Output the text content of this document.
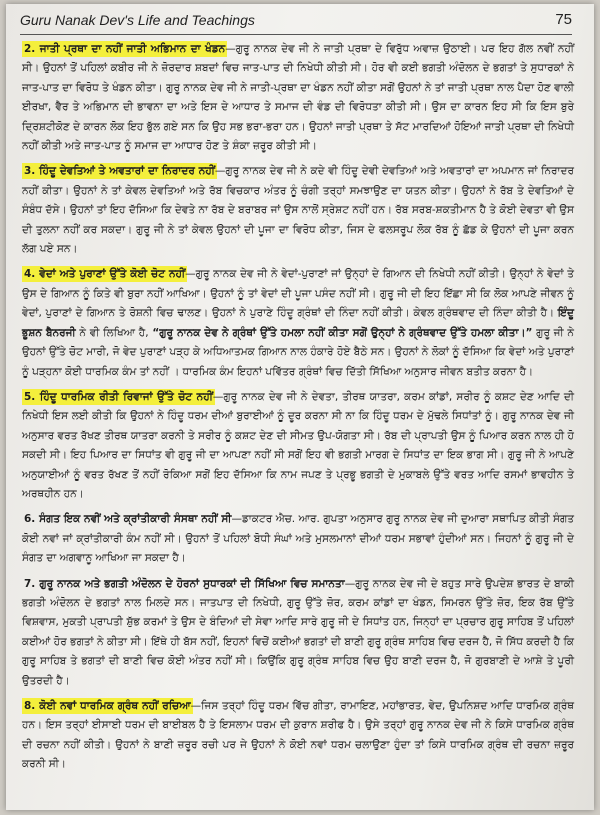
Guru Nanak Dev's Life and Teachings	75

2. ਜਾਤੀ ਪ੍ਰਥਾ ਦਾ ਨਹੀਂ ਜਾਤੀ ਅਭਿਮਾਨ ਦਾ ਖੰਡਨ—ਗੁਰੂ ਨਾਨਕ ਦੇਵ ਜੀ ਨੇ ਜਾਤੀ ਪ੍ਰਥਾ ਦੇ ਵਿਰੁੱਧ ਅਵਾਜ਼ ਉਠਾਈ। ਪਰ ਇਹ ਗੱਲ ਨਵੀਂ ਨਹੀਂ ਸੀ। ਉਹਨਾਂ ਤੋਂ ਪਹਿਲਾਂ ਕਬੀਰ ਜੀ ਨੇ ਜ਼ੋਰਦਾਰ ਸ਼ਬਦਾਂ ਵਿਚ ਜਾਤ-ਪਾਤ ਦੀ ਨਿਖੇਧੀ ਕੀਤੀ ਸੀ। ਹੋਰ ਵੀ ਕਈ ਭਗਤੀ ਅੰਦੋਲਨ ਦੇ ਭਗਤਾਂ ਤੇ ਸੁਧਾਰਕਾਂ ਨੇ ਜਾਤ-ਪਾਤ ਦਾ ਵਿਰੋਧ ਤੇ ਖੰਡਨ ਕੀਤਾ। ਗੁਰੂ ਨਾਨਕ ਦੇਵ ਜੀ ਨੇ ਜਾਤੀ-ਪ੍ਰਥਾ ਦਾ ਖੰਡਨ ਨਹੀਂ ਕੀਤਾ ਸਗੋਂ ਉਹਨਾਂ ਨੇ ਤਾਂ ਜਾਤੀ ਪ੍ਰਥਾ ਨਾਲ ਪੈਦਾ ਹੋਣ ਵਾਲੀ ਈਰਖਾ, ਵੈਰ ਤੇ ਅਭਿਮਾਨ ਦੀ ਭਾਵਨਾ ਦਾ ਅਤੇ ਇਸ ਦੇ ਆਧਾਰ ਤੇ ਸਮਾਜ ਦੀ ਵੰਡ ਦੀ ਵਿਰੋਧਤਾ ਕੀਤੀ ਸੀ। ਉਸ ਦਾ ਕਾਰਨ ਇਹ ਸੀ ਕਿ ਇਸ ਬੁਰੇ ਦ੍ਰਿਸ਼ਟੀਕੋਣ ਦੇ ਕਾਰਨ ਲੋਕ ਇਹ ਭੁੱਲ ਗਏ ਸਨ ਕਿ ਉਹ ਸਭ ਭਰਾ-ਭਰਾ ਹਨ। ਉਹਨਾਂ ਜਾਤੀ ਪ੍ਰਥਾ ਤੇ ਸੱਟ ਮਾਰਦਿਆਂ ਹੋਇਆਂ ਜਾਤੀ ਪ੍ਰਥਾ ਦੀ ਨਿਖੇਧੀ ਨਹੀਂ ਕੀਤੀ ਅਤੇ ਜਾਤ-ਪਾਤ ਨੂੰ ਸਮਾਜ ਦਾ ਆਧਾਰ ਹੋਣ ਤੇ ਸ਼ੰਕਾ ਜ਼ਰੂਰ ਕੀਤੀ ਸੀ।

3. ਹਿੰਦੂ ਦੇਵਤਿਆਂ ਤੇ ਅਵਤਾਰਾਂ ਦਾ ਨਿਰਾਦਰ ਨਹੀਂ—ਗੁਰੂ ਨਾਨਕ ਦੇਵ ਜੀ ਨੇ ਕਦੇ ਵੀ ਹਿੰਦੂ ਦੇਵੀ ਦੇਵਤਿਆਂ ਅਤੇ ਅਵਤਾਰਾਂ ਦਾ ਅਪਮਾਨ ਜਾਂ ਨਿਰਾਦਰ ਨਹੀਂ ਕੀਤਾ। ਉਹਨਾਂ ਨੇ ਤਾਂ ਕੇਵਲ ਦੇਵਤਿਆਂ ਅਤੇ ਰੱਬ ਵਿਚਕਾਰ ਅੰਤਰ ਨੂੰ ਚੰਗੀ ਤਰ੍ਹਾਂ ਸਮਝਾਉਣ ਦਾ ਯਤਨ ਕੀਤਾ। ਉਹਨਾਂ ਨੇ ਰੱਬ ਤੇ ਦੇਵਤਿਆਂ ਦੇ ਸੰਬੰਧ ਦੱਸੇ। ਉਹਨਾਂ ਤਾਂ ਇਹ ਦੱਸਿਆ ਕਿ ਦੇਵਤੇ ਨਾ ਰੱਬ ਦੇ ਬਰਾਬਰ ਜਾਂ ਉਸ ਨਾਲੋਂ ਸ੍ਰੇਸ਼ਟ ਨਹੀਂ ਹਨ। ਰੱਬ ਸਰਬ-ਸ਼ਕਤੀਮਾਨ ਹੈ ਤੇ ਕੋਈ ਦੇਵਤਾ ਵੀ ਉਸ ਦੀ ਤੁਲਨਾ ਨਹੀਂ ਕਰ ਸਕਦਾ। ਗੁਰੂ ਜੀ ਨੇ ਤਾਂ ਕੇਵਲ ਉਹਨਾਂ ਦੀ ਪੂਜਾ ਦਾ ਵਿਰੋਧ ਕੀਤਾ, ਜਿਸ ਦੇ ਫਲਸਰੂਪ ਲੋਕ ਰੱਬ ਨੂੰ ਛੱਡ ਕੇ ਉਹਨਾਂ ਦੀ ਪੂਜਾ ਕਰਨ ਲੱਗ ਪਏ ਸਨ।

4. ਵੇਦਾਂ ਅਤੇ ਪੁਰਾਣਾਂ ਉੱਤੇ ਕੋਈ ਚੋਟ ਨਹੀਂ—ਗੁਰੂ ਨਾਨਕ ਦੇਵ ਜੀ ਨੇ ਵੇਦਾਂ-ਪੁਰਾਣਾਂ ਜਾਂ ਉਨ੍ਹਾਂ ਦੇ ਗਿਆਨ ਦੀ ਨਿਖੇਧੀ ਨਹੀਂ ਕੀਤੀ। ਉਨ੍ਹਾਂ ਨੇ ਵੇਦਾਂ ਤੇ ਉਸ ਦੇ ਗਿਆਨ ਨੂੰ ਕਿਤੇ ਵੀ ਬੁਰਾ ਨਹੀਂ ਆਖਿਆ। ਉਹਨਾਂ ਨੂੰ ਤਾਂ ਵੇਦਾਂ ਦੀ ਪੂਜਾ ਪਸੰਦ ਨਹੀਂ ਸੀ। ਗੁਰੂ ਜੀ ਦੀ ਇਹ ਇੱਛਾ ਸੀ ਕਿ ਲੋਕ ਆਪਣੇ ਜੀਵਨ ਨੂੰ ਵੇਦਾਂ, ਪੁਰਾਣਾਂ ਦੇ ਗਿਆਨ ਤੇ ਰੋਸ਼ਨੀ ਵਿਚ ਢਾਲਣ। ਉਹਨਾਂ ਨੇ ਪੁਰਾਣੇ ਹਿੰਦੂ ਗ੍ਰੰਥਾਂ ਦੀ ਨਿੰਦਾ ਨਹੀਂ ਕੀਤੀ। ਕੇਵਲ ਗ੍ਰੰਥਵਾਦ ਦੀ ਨਿੰਦਾ ਕੀਤੀ ਹੈ। ਇੰਦੂ ਭੂਸ਼ਨ ਬੈਨਰਜੀ ਨੇ ਵੀ ਲਿਖਿਆ ਹੈ, “ਗੁਰੂ ਨਾਨਕ ਦੇਵ ਨੇ ਗ੍ਰੰਥਾਂ ਉੱਤੇ ਹਮਲਾ ਨਹੀਂ ਕੀਤਾ ਸਗੋਂ ਉਨ੍ਹਾਂ ਨੇ ਗ੍ਰੰਥਵਾਦ ਉੱਤੇ ਹਮਲਾ ਕੀਤਾ।” ਗੁਰੂ ਜੀ ਨੇ ਉਹਨਾਂ ਉੱਤੇ ਚੋਟ ਮਾਰੀ, ਜੋ ਵੇਦ ਪੁਰਾਣਾਂ ਪੜ੍ਹ ਕੇ ਅਧਿਆਤਮਕ ਗਿਆਨ ਨਾਲ ਹੰਕਾਰੇ ਹੋਏ ਬੈਠੇ ਸਨ। ਉਹਨਾਂ ਨੇ ਲੋਕਾਂ ਨੂੰ ਦੱਸਿਆ ਕਿ ਵੇਦਾਂ ਅਤੇ ਪੁਰਾਣਾਂ ਨੂੰ ਪੜ੍ਹਨਾ ਕੋਈ ਧਾਰਮਿਕ ਕੰਮ ਤਾਂ ਨਹੀਂ । ਧਾਰਮਿਕ ਕੰਮ ਇਹਨਾਂ ਪਵਿੱਤਰ ਗ੍ਰੰਥਾਂ ਵਿਚ ਦਿੱਤੀ ਸਿੱਖਿਆ ਅਨੁਸਾਰ ਜੀਵਨ ਬਤੀਤ ਕਰਨਾ ਹੈ।

5. ਹਿੰਦੂ ਧਾਰਮਿਕ ਰੀਤੀ ਰਿਵਾਜਾਂ ਉੱਤੇ ਚੋਟ ਨਹੀਂ—ਗੁਰੂ ਨਾਨਕ ਦੇਵ ਜੀ ਨੇ ਦੇਵਤਾ, ਤੀਰਥ ਯਾਤਰਾ, ਕਰਮ ਕਾਂਡਾਂ, ਸਰੀਰ ਨੂੰ ਕਸ਼ਟ ਦੇਣ ਆਦਿ ਦੀ ਨਿਖੇਧੀ ਇਸ ਲਈ ਕੀਤੀ ਕਿ ਉਹਨਾਂ ਨੇ ਹਿੰਦੂ ਧਰਮ ਦੀਆਂ ਬੁਰਾਈਆਂ ਨੂੰ ਦੂਰ ਕਰਨਾ ਸੀ ਨਾ ਕਿ ਹਿੰਦੂ ਧਰਮ ਦੇ ਮੁੱਢਲੇ ਸਿਧਾਂਤਾਂ ਨੂੰ। ਗੁਰੂ ਨਾਨਕ ਦੇਵ ਜੀ ਅਨੁਸਾਰ ਵਰਤ ਰੱਖਣ ਤੀਰਥ ਯਾਤਰਾ ਕਰਨੀ ਤੇ ਸਰੀਰ ਨੂੰ ਕਸ਼ਟ ਦੇਣ ਦੀ ਸੀਮਤ ਉਪ-ਯੋਗਤਾ ਸੀ। ਰੱਬ ਦੀ ਪ੍ਰਾਪਤੀ ਉਸ ਨੂੰ ਪਿਆਰ ਕਰਨ ਨਾਲ ਹੀ ਹੋ ਸਕਦੀ ਸੀ। ਇਹ ਪਿਆਰ ਦਾ ਸਿਧਾਂਤ ਵੀ ਗੁਰੂ ਜੀ ਦਾ ਆਪਣਾ ਨਹੀਂ ਸੀ ਸਗੋਂ ਇਹ ਵੀ ਭਗਤੀ ਮਾਰਗ ਦੇ ਸਿਧਾਂਤ ਦਾ ਇਕ ਭਾਗ ਸੀ। ਗੁਰੂ ਜੀ ਨੇ ਆਪਣੇ ਅਨੁਯਾਈਆਂ ਨੂੰ ਵਰਤ ਰੱਖਣ ਤੋਂ ਨਹੀਂ ਰੋਕਿਆ ਸਗੋਂ ਇਹ ਦੱਸਿਆ ਕਿ ਨਾਮ ਜਪਣ ਤੇ ਪ੍ਰਭੂ ਭਗਤੀ ਦੇ ਮੁਕਾਬਲੇ ਉੱਤੇ ਵਰਤ ਆਦਿ ਰਸਮਾਂ ਭਾਵਹੀਨ ਤੇ ਅਰਥਹੀਨ ਹਨ।

6. ਸੰਗਤ ਇਕ ਨਵੀਂ ਅਤੇ ਕ੍ਰਾਂਤੀਕਾਰੀ ਸੰਸਥਾ ਨਹੀਂ ਸੀ—ਡਾਕਟਰ ਐਚ. ਆਰ. ਗੁਪਤਾ ਅਨੁਸਾਰ ਗੁਰੂ ਨਾਨਕ ਦੇਵ ਜੀ ਦੁਆਰਾ ਸਥਾਪਿਤ ਕੀਤੀ ਸੰਗਤ ਕੋਈ ਨਵਾਂ ਜਾਂ ਕ੍ਰਾਂਤੀਕਾਰੀ ਕੰਮ ਨਹੀਂ ਸੀ। ਉਹਨਾਂ ਤੋਂ ਪਹਿਲਾਂ ਬੋਧੀ ਸੰਘਾਂ ਅਤੇ ਮੁਸਲਮਾਨਾਂ ਦੀਆਂ ਧਰਮ ਸਭਾਵਾਂ ਹੁੰਦੀਆਂ ਸਨ। ਜਿਹਨਾਂ ਨੂੰ ਗੁਰੂ ਜੀ ਦੇ ਸੰਗਤ ਦਾ ਅਗਵਾਨੂ ਆਖਿਆ ਜਾ ਸਕਦਾ ਹੈ।

7. ਗੁਰੂ ਨਾਨਕ ਅਤੇ ਭਗਤੀ ਅੰਦੋਲਨ ਦੇ ਹੋਰਨਾਂ ਸੁਧਾਰਕਾਂ ਦੀ ਸਿੱਖਿਆ ਵਿਚ ਸਮਾਨਤਾ—ਗੁਰੂ ਨਾਨਕ ਦੇਵ ਜੀ ਦੇ ਬਹੁਤ ਸਾਰੇ ਉਪਦੇਸ਼ ਭਾਰਤ ਦੇ ਬਾਕੀ ਭਗਤੀ ਅੰਦੋਲਨ ਦੇ ਭਗਤਾਂ ਨਾਲ ਮਿਲਦੇ ਸਨ। ਜਾਤਪਾਤ ਦੀ ਨਿਖੇਧੀ, ਗੁਰੂ ਉੱਤੇ ਜ਼ੋਰ, ਕਰਮ ਕਾਂਡਾਂ ਦਾ ਖੰਡਨ, ਸਿਮਰਨ ਉੱਤੇ ਜ਼ੋਰ, ਇਕ ਰੱਬ ਉੱਤੇ ਵਿਸ਼ਵਾਸ, ਮੁਕਤੀ ਪ੍ਰਾਪਤੀ ਸ਼ੁੱਭ ਕਰਮਾਂ ਤੇ ਉਸ ਦੇ ਬੰਦਿਆਂ ਦੀ ਸੇਵਾ ਆਦਿ ਸਾਰੇ ਗੁਰੂ ਜੀ ਦੇ ਸਿਧਾਂਤ ਹਨ, ਜਿਨ੍ਹਾਂ ਦਾ ਪ੍ਰਚਾਰ ਗੁਰੂ ਸਾਹਿਬ ਤੋਂ ਪਹਿਲਾਂ ਕਈਆਂ ਹੋਰ ਭਗਤਾਂ ਨੇ ਕੀਤਾ ਸੀ। ਇੱਥੇ ਹੀ ਬੱਸ ਨਹੀਂ, ਇਹਨਾਂ ਵਿਚੋਂ ਕਈਆਂ ਭਗਤਾਂ ਦੀ ਬਾਣੀ ਗੁਰੂ ਗ੍ਰੰਥ ਸਾਹਿਬ ਵਿਚ ਦਰਜ ਹੈ, ਜੋ ਸਿੱਧ ਕਰਦੀ ਹੈ ਕਿ ਗੁਰੂ ਸਾਹਿਬ ਤੇ ਭਗਤਾਂ ਦੀ ਬਾਣੀ ਵਿਚ ਕੋਈ ਅੰਤਰ ਨਹੀਂ ਸੀ। ਕਿਉਂਕਿ ਗੁਰੂ ਗ੍ਰੰਥ ਸਾਹਿਬ ਵਿਚ ਉਹ ਬਾਣੀ ਦਰਜ ਹੈ, ਜੋ ਗੁਰਬਾਣੀ ਦੇ ਆਸ਼ੇ ਤੇ ਪੂਰੀ ਉਤਰਦੀ ਹੈ।

8. ਕੋਈ ਨਵਾਂ ਧਾਰਮਿਕ ਗ੍ਰੰਥ ਨਹੀਂ ਰਚਿਆ—ਜਿਸ ਤਰ੍ਹਾਂ ਹਿੰਦੂ ਧਰਮ ਵਿੱਚ ਗੀਤਾ, ਰਾਮਾਇਣ, ਮਹਾਂਭਾਰਤ, ਵੇਦ, ਉਪਨਿਸ਼ਦ ਆਦਿ ਧਾਰਮਿਕ ਗ੍ਰੰਥ ਹਨ। ਇਸ ਤਰ੍ਹਾਂ ਈਸਾਈ ਧਰਮ ਦੀ ਬਾਈਬਲ ਹੈ ਤੇ ਇਸਲਾਮ ਧਰਮ ਦੀ ਕੁਰਾਨ ਸ਼ਰੀਫ ਹੈ। ਉਸੇ ਤਰ੍ਹਾਂ ਗੁਰੂ ਨਾਨਕ ਦੇਵ ਜੀ ਨੇ ਕਿਸੇ ਧਾਰਮਿਕ ਗ੍ਰੰਥ ਦੀ ਰਚਨਾ ਨਹੀਂ ਕੀਤੀ। ਉਹਨਾਂ ਨੇ ਬਾਣੀ ਜ਼ਰੂਰ ਰਚੀ ਪਰ ਜੇ ਉਹਨਾਂ ਨੇ ਕੋਈ ਨਵਾਂ ਧਰਮ ਚਲਾਉਣਾ ਹੁੰਦਾ ਤਾਂ ਕਿਸੇ ਧਾਰਮਿਕ ਗ੍ਰੰਥ ਦੀ ਰਚਨਾ ਜ਼ਰੂਰ ਕਰਨੀ ਸੀ।
